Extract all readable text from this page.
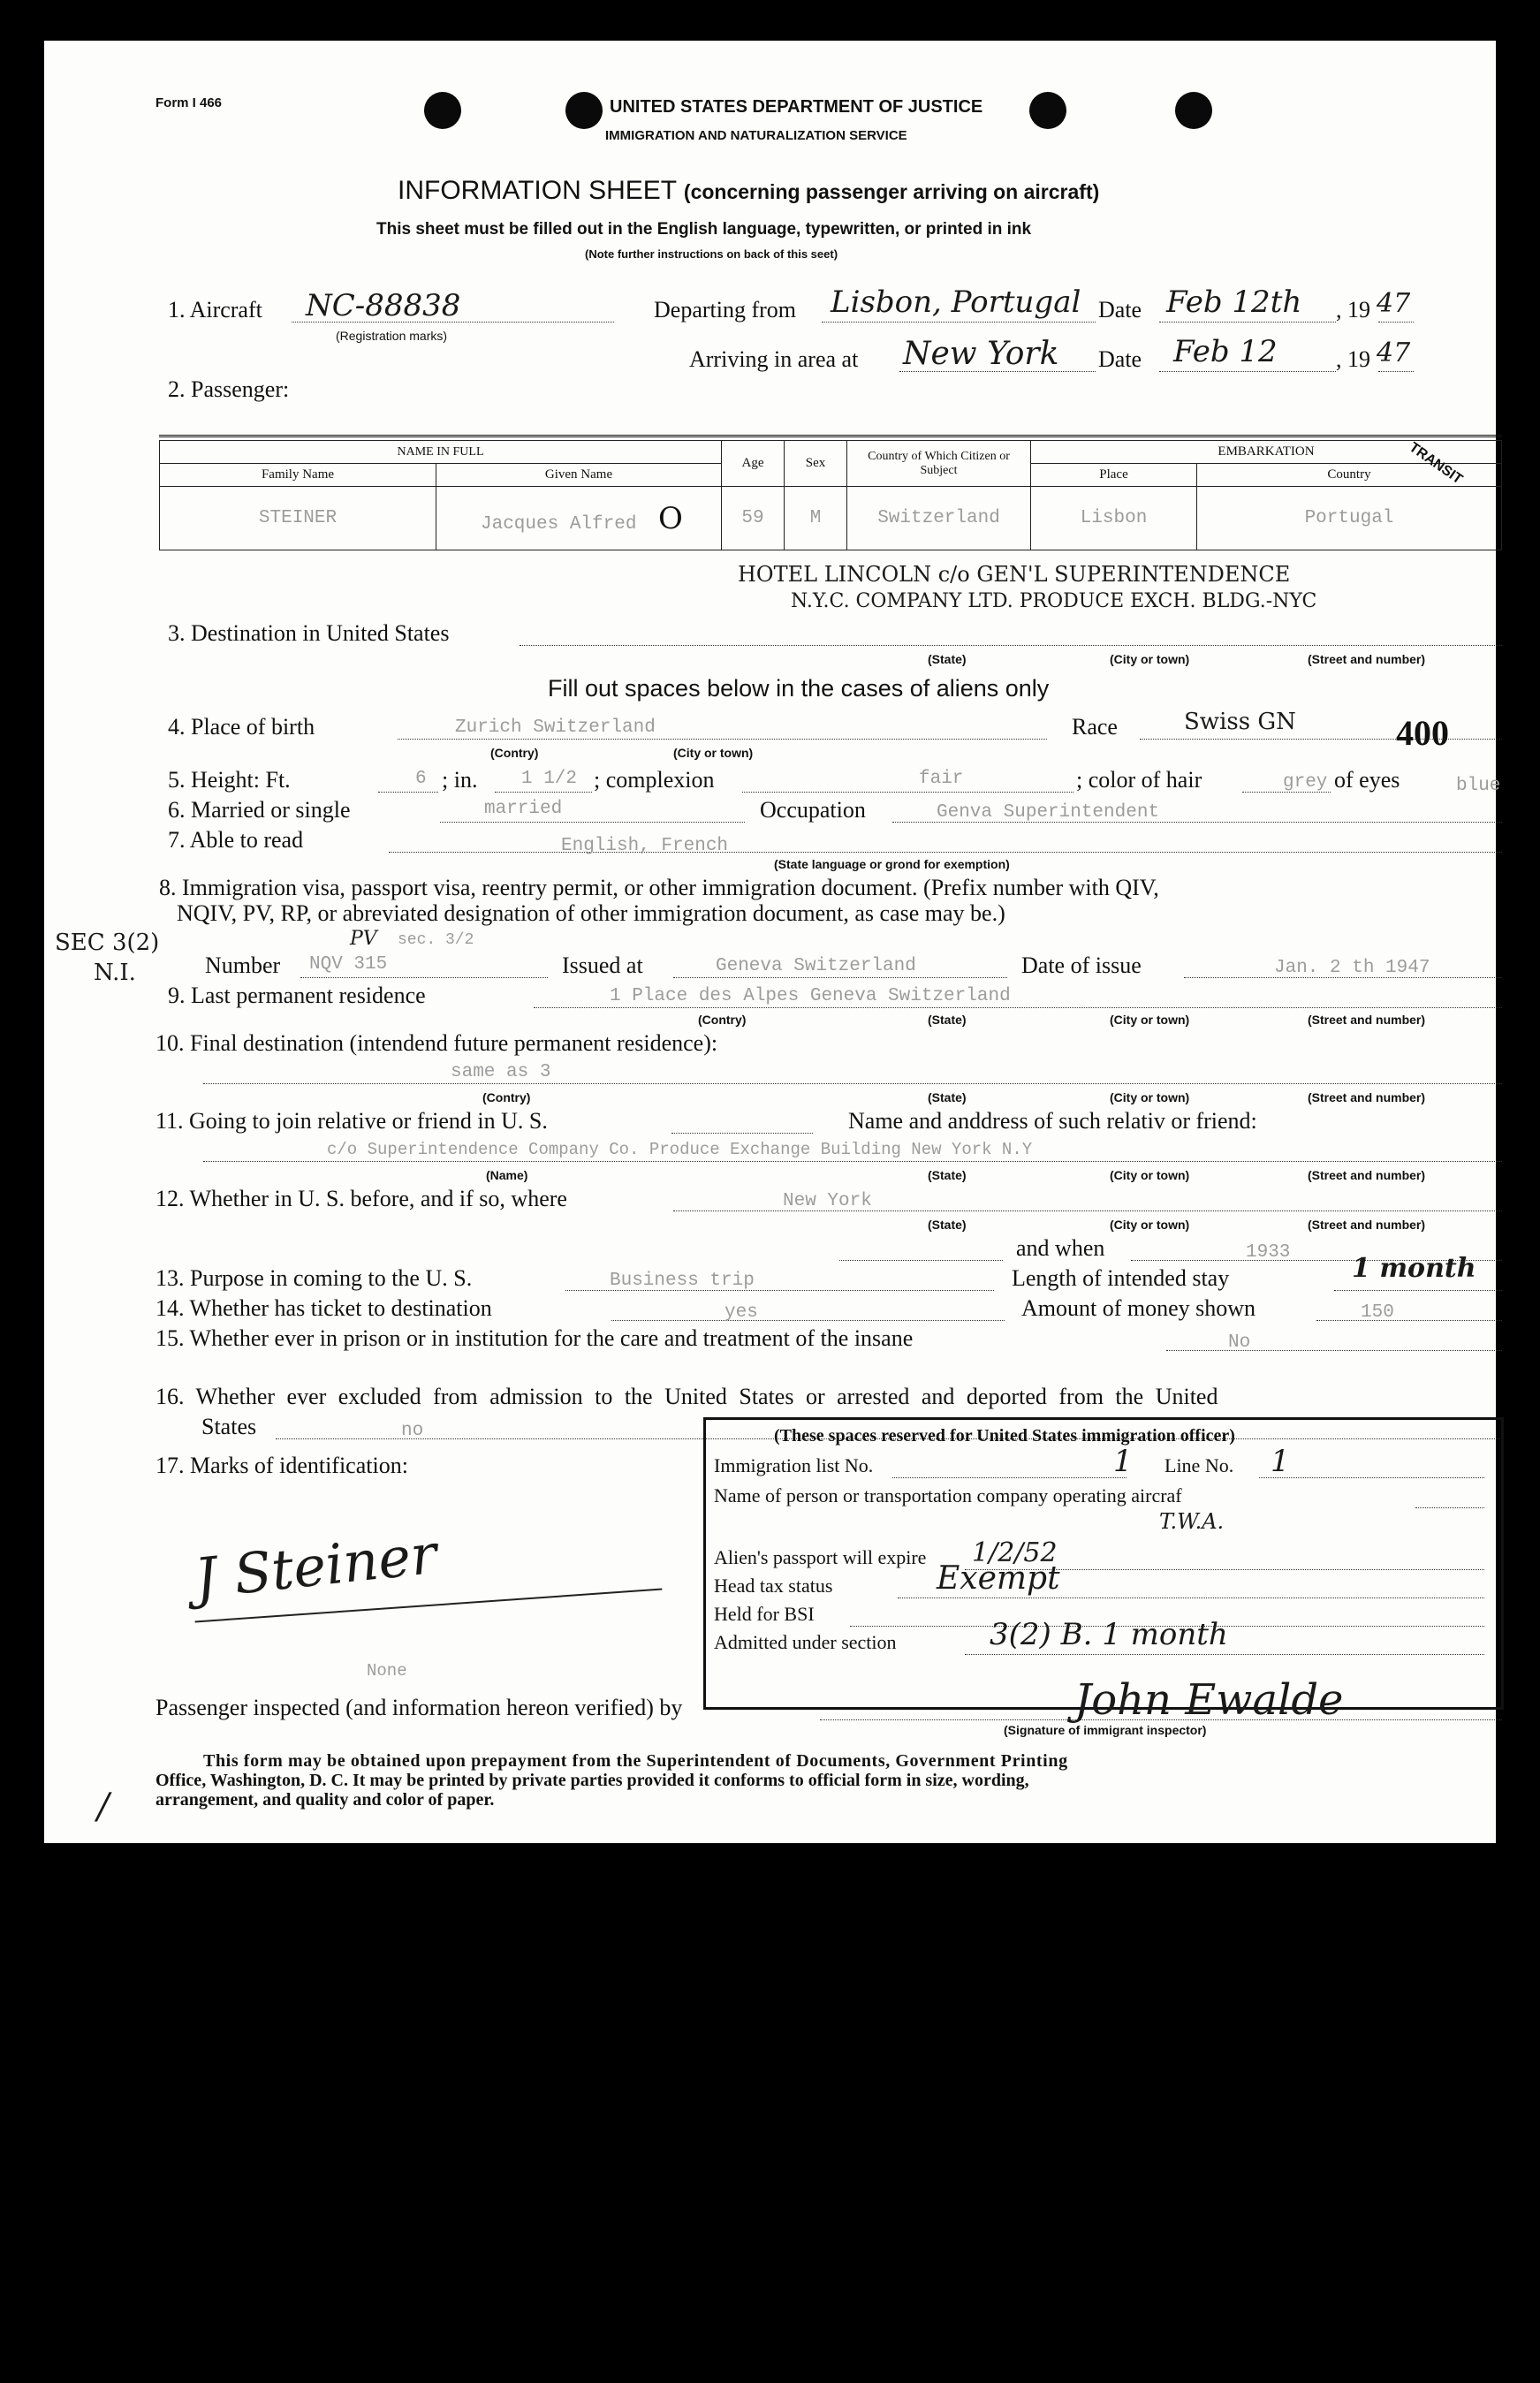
Form I 466	UNITED STATES DEPARTMENT OF JUSTICE
IMMIGRATION AND NATURALIZATION SERVICE
INFORMATION SHEET (concerning passenger arriving on aircraft)
This sheet must be filled out in the English language, typewritten, or printed in ink
(Note further instructions on back of this seet)
1. Aircraft NC-88838
(Registration marks)
Departing from Lisbon, Portugal Date Feb 12th , 19 47
Arriving in area at New York Date Feb 12	, 19 47
2. Passenger:
NAME IN FULL		Age	Sex	Country of Which Citizen or Subject	EMBARKATION	
Family Name	Given Name				Place	Country
STEINER	Jacques Alfred O	59	M	Switzerland	Lisbon	Portugal
TRANSIT
HOTEL LINCOLN c/o GEN'L SUPERINTENDENCE
N.Y.C. COMPANY LTD. PRODUCE EXCH. BLDG.-NYC
3. Destination in United States
(State)	(City or town)	(Street and number)
Fill out spaces below in the cases of aliens only
4. Place of birth	Zurich Switzerland
(Contry)	(City or town)
Race	Swiss GN	400
5. Height: Ft.	6 ; in. 1 1/2 ; complexion	fair	; color of hair	grey of eyes	blue
6. Married or single	married	Occupation	Genva Superintendent
7. Able to read	English, French
(State language or grond for exemption)
8. Immigration visa, passport visa, reentry permit, or other immigration document. (Prefix number with QIV,
NQIV, PV, RP, or abreviated designation of other immigration document, as case may be.)
SEC 3(2)
N.I.
PV sec. 3/2
Number NQV 315	Issued at	Geneva Switzerland	Date of issue	Jan. 2 th 1947
9. Last permanent residence	1 Place des Alpes Geneva Switzerland
(Contry)	(State)	(City or town)	(Street and number)
10. Final destination (intendend future permanent residence):
same as 3
(Contry)	(State)	(City or town)	(Street and number)
11. Going to join relative or friend in U. S.	Name and anddress of such relativ or friend:
c/o Superintendence Company Co. Produce Exchange Building New York N.Y
(Name)	(State)	(City or town)	(Street and number)
12. Whether in U. S. before, and if so, where	New York
(State)	(City or town)	(Street and number)
and when	1933
13. Purpose in coming to the U. S.	Business trip	Length of intended stay	1 month
14. Whether has ticket to destination	yes	Amount of money shown	150
15. Whether ever in prison or in institution for the care and treatment of the insane	No
16. Whether ever excluded from admission to the United States or arrested and deported from the United
States	no
17. Marks of identification:
J Steiner
None
(These spaces reserved for United States immigration officer)
Immigration list No.	1 Line No. 1
Name of person or transportation company operating aircraf
T.W.A.
Alien's passport will expire 1/2/52
Head tax status	Exempt
Held for BSI
Admitted under section	3(2) B. 1 month
Passenger inspected (and information hereon verified) by	John Ewalde
(Signature of immigrant inspector)
This form may be obtained upon prepayment from the Superintendent of Documents, Government Printing
Office, Washington, D. C. It may be printed by private parties provided it conforms to official form in size, wording,
arrangement, and quality and color of paper.
/
